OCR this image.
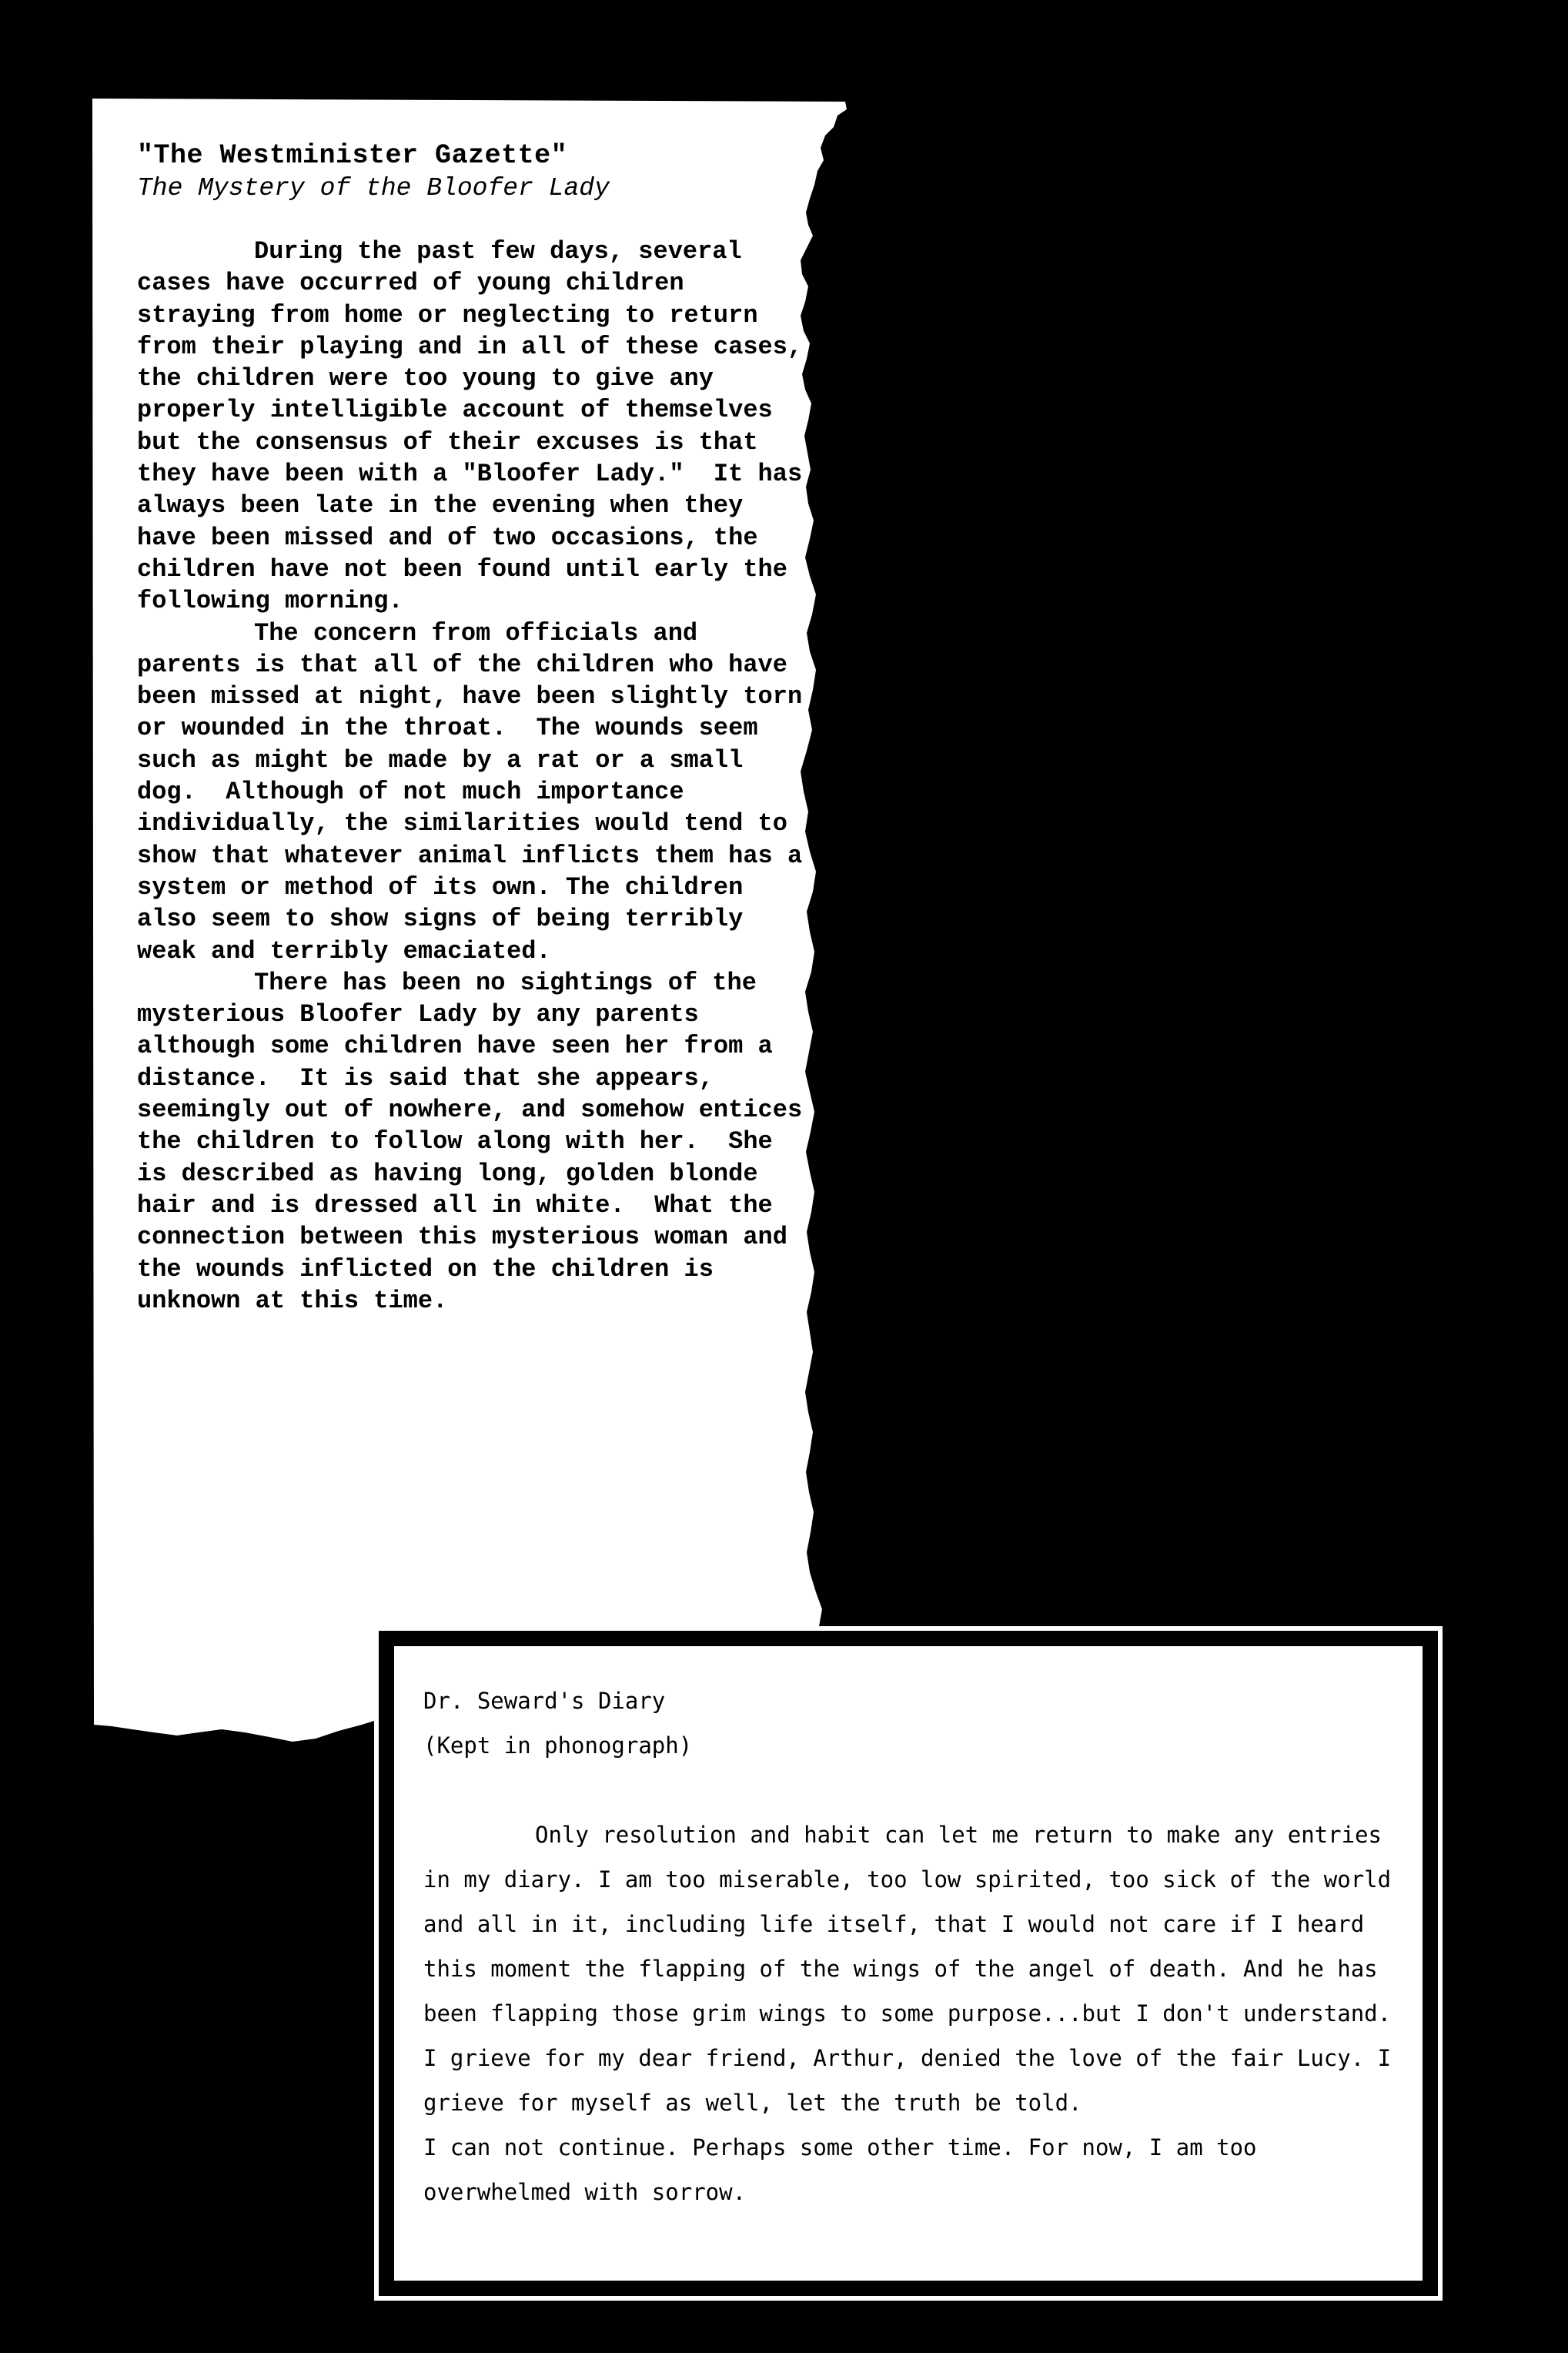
"The Westminister Gazette"

The Mystery of the Bloofer Lady

During the past few days, several cases have occurred of young children straying from home or neglecting to return from their playing and in all of these cases, the children were too young to give any properly intelligible account of themselves but the consensus of their excuses is that they have been with a "Bloofer Lady."  It has always been late in the evening when they have been missed and of two occasions, the children have not been found until early the following morning.

The concern from officials and parents is that all of the children who have been missed at night, have been slightly torn or wounded in the throat.  The wounds seem such as might be made by a rat or a small dog.  Although of not much importance individually, the similarities would tend to show that whatever animal inflicts them has a system or method of its own. The children also seem to show signs of being terribly weak and terribly emaciated.

There has been no sightings of the mysterious Bloofer Lady by any parents although some children have seen her from a distance.  It is said that she appears, seemingly out of nowhere, and somehow entices the children to follow along with her.  She is described as having long, golden blonde hair and is dressed all in white.  What the connection between this mysterious woman and the wounds inflicted on the children is unknown at this time.

Dr. Seward's Diary

(Kept in phonograph)

Only resolution and habit can let me return to make any entries in my diary. I am too miserable, too low spirited, too sick of the world and all in it, including life itself, that I would not care if I heard this moment the flapping of the wings of the angel of death. And he has been flapping those grim wings to some purpose...but I don't understand. I grieve for my dear friend, Arthur, denied the love of the fair Lucy. I grieve for myself as well, let the truth be told.

I can not continue. Perhaps some other time. For now, I am too overwhelmed with sorrow.
